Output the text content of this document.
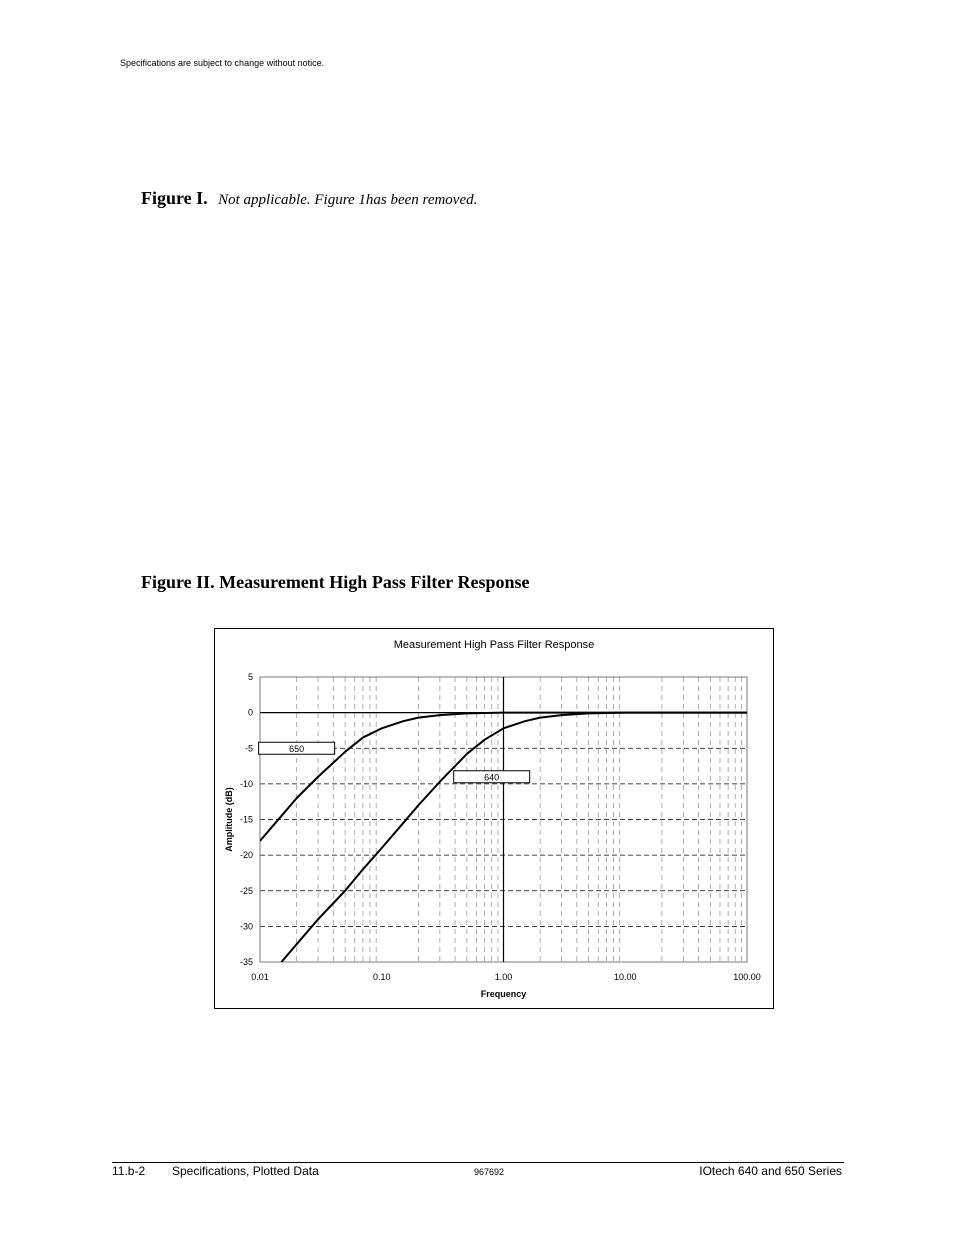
Specifications are subject to change without notice.
Figure I. Not applicable. Figure 1has been removed.
Figure II. Measurement High Pass Filter Response
Measurement High Pass Filter Response
5
0
-5
-10
-15
-20
-25
-30
-35
0.01	0.10	1.00	10.00	100.00
Frequency
Amplitude (dB)
650
640
11.b-2 Specifications, Plotted Data	967692	IOtech 640 and 650 Series
